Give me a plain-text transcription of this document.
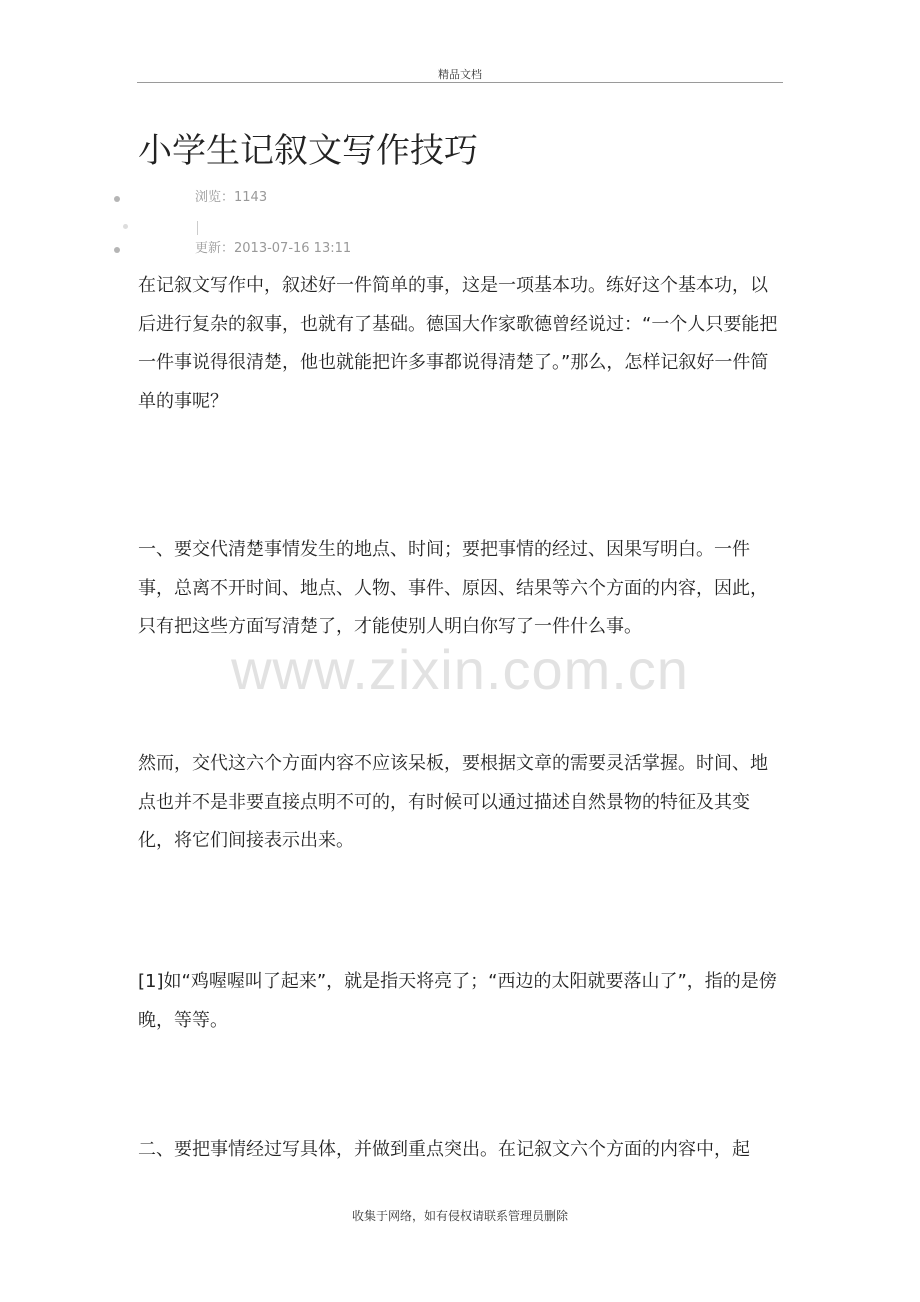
精品文档
www.zixin.com.cn
小学生记叙文写作技巧
浏览：1143
更新：2013-07-16 13:11

在记叙文写作中，叙述好一件简单的事，这是一项基本功。练好这个基本功，以后进行复杂的叙事，也就有了基础。德国大作家歌德曾经说过：“一个人只要能把一件事说得很清楚，他也就能把许多事都说得清楚了。”那么，怎样记叙好一件简单的事呢？

一、要交代清楚事情发生的地点、时间；要把事情的经过、因果写明白。一件事，总离不开时间、地点、人物、事件、原因、结果等六个方面的内容，因此，只有把这些方面写清楚了，才能使别人明白你写了一件什么事。

然而，交代这六个方面内容不应该呆板，要根据文章的需要灵活掌握。时间、地点也并不是非要直接点明不可的，有时候可以通过描述自然景物的特征及其变化，将它们间接表示出来。

[1]如“鸡喔喔叫了起来”，就是指天将亮了；“西边的太阳就要落山了”，指的是傍晚，等等。

二、要把事情经过写具体，并做到重点突出。在记叙文六个方面的内容中，起

收集于网络，如有侵权请联系管理员删除
